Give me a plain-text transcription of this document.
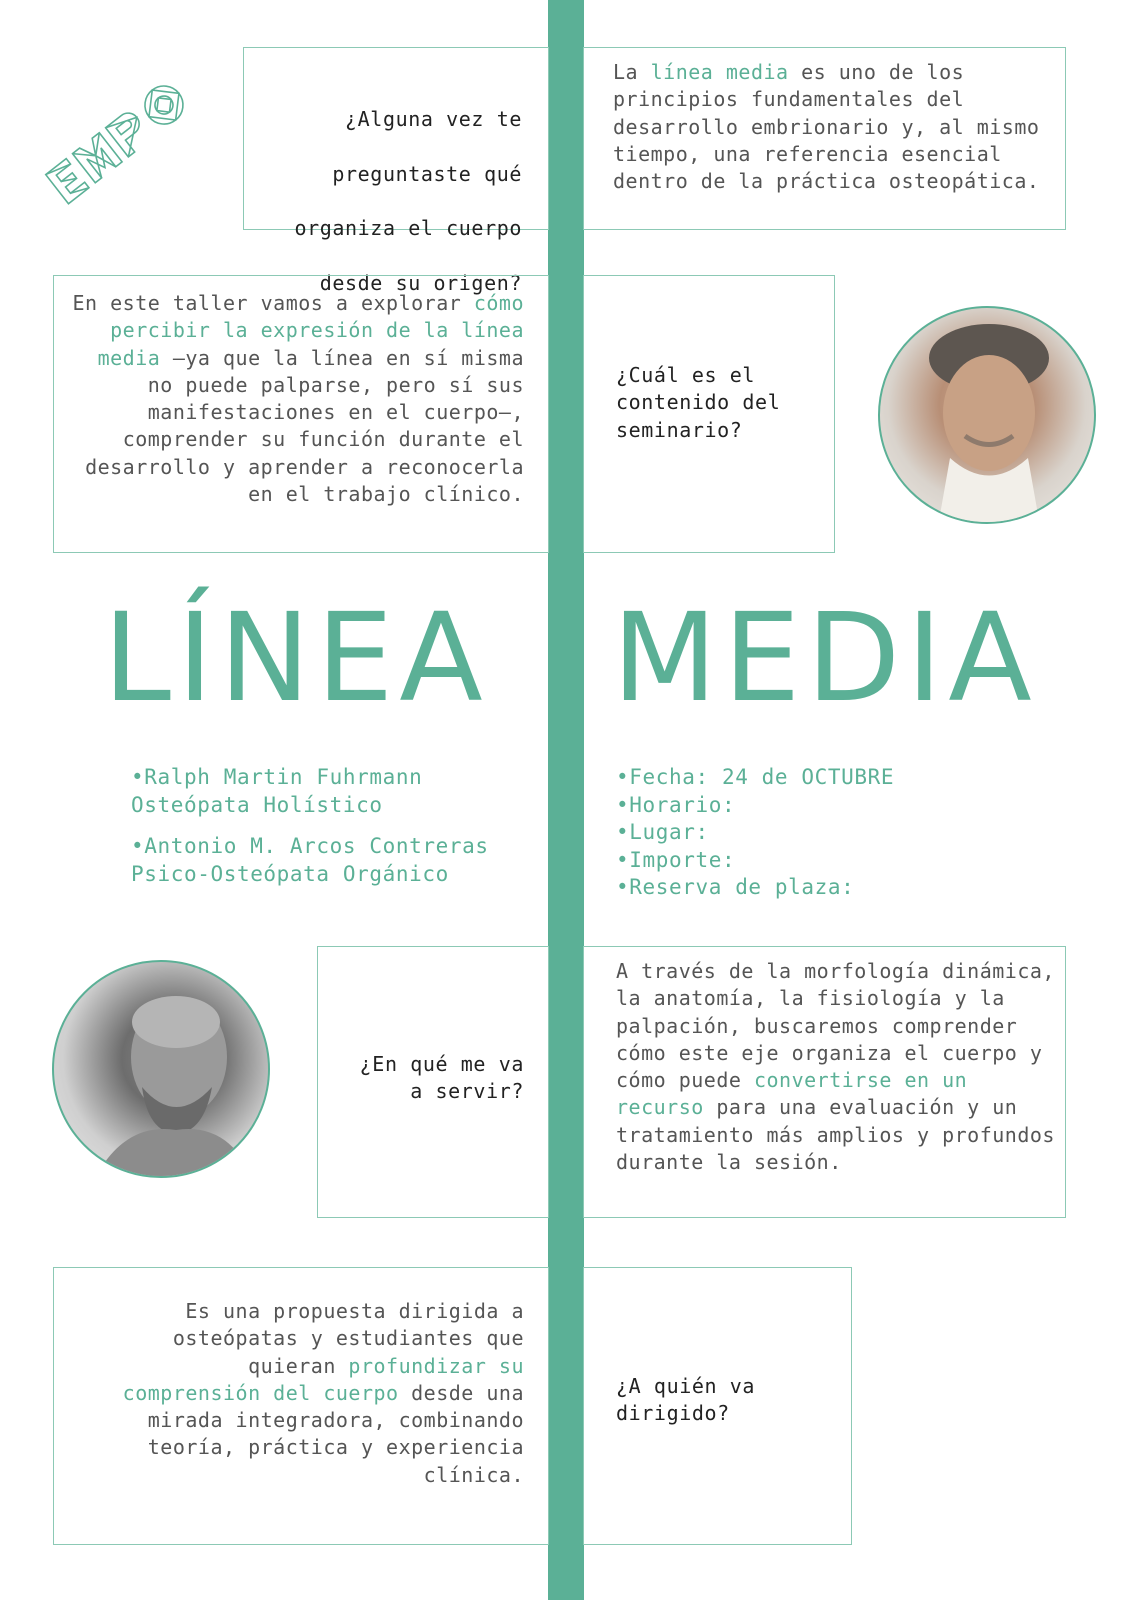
¿Alguna vez te

preguntaste qué

organiza el cuerpo

desde su origen?

La línea media es uno de los principios fundamentales del desarrollo embrionario y, al mismo tiempo, una referencia esencial dentro de la práctica osteopática.

En este taller vamos a explorar cómo percibir la expresión de la línea media —ya que la línea en sí misma no puede palparse, pero sí sus manifestaciones en el cuerpo—, comprender su función durante el desarrollo y aprender a reconocerla en el trabajo clínico.

¿Cuál es el contenido del seminario?

LÍNEA MEDIA
•Ralph Martin Fuhrmann
Osteópata Holístico
•Antonio M. Arcos Contreras
Psico-Osteópata Orgánico
•Fecha: 24 de OCTUBRE
•Horario:
•Lugar:
•Importe:
•Reserva de plaza:

¿En qué me va a servir?

A través de la morfología dinámica, la anatomía, la fisiología y la palpación, buscaremos comprender cómo este eje organiza el cuerpo y cómo puede convertirse en un recurso para una evaluación y un tratamiento más amplios y profundos durante la sesión.

Es una propuesta dirigida a osteópatas y estudiantes que quieran profundizar su comprensión del cuerpo desde una mirada integradora, combinando teoría, práctica y experiencia clínica.

¿A quién va dirigido?
